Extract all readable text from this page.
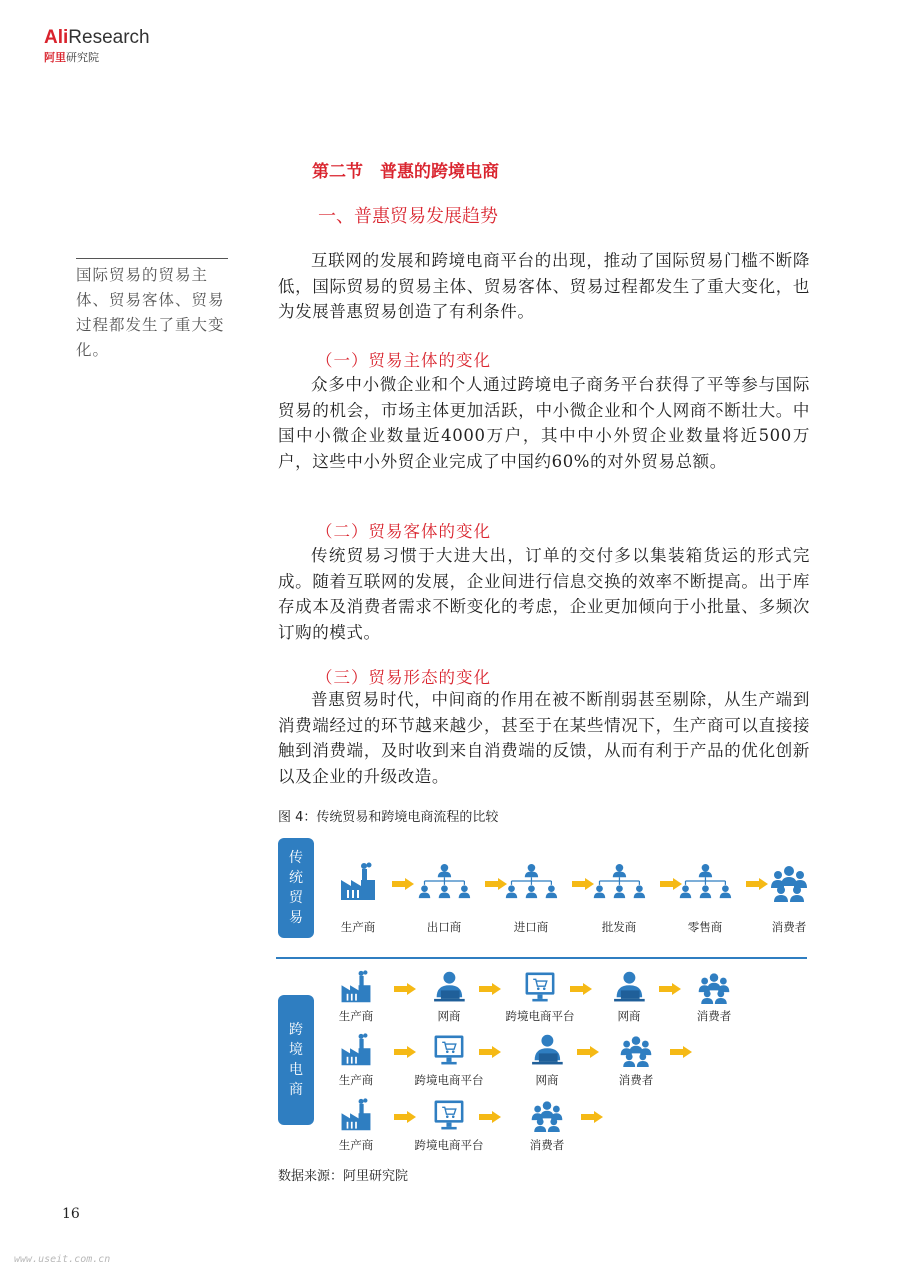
AliResearch
阿里研究院
第二节　普惠的跨境电商
一、普惠贸易发展趋势
国际贸易的贸易主体、贸易客体、贸易过程都发生了重大变化。

互联网的发展和跨境电商平台的出现，推动了国际贸易门槛不断降低，国际贸易的贸易主体、贸易客体、贸易过程都发生了重大变化，也为发展普惠贸易创造了有利条件。

（一）贸易主体的变化

众多中小微企业和个人通过跨境电子商务平台获得了平等参与国际贸易的机会，市场主体更加活跃，中小微企业和个人网商不断壮大。中国中小微企业数量近4000万户，其中中小外贸企业数量将近500万户，这些中小外贸企业完成了中国约60%的对外贸易总额。

（二）贸易客体的变化

传统贸易习惯于大进大出，订单的交付多以集装箱货运的形式完成。随着互联网的发展，企业间进行信息交换的效率不断提高。出于库存成本及消费者需求不断变化的考虑，企业更加倾向于小批量、多频次订购的模式。

（三）贸易形态的变化

普惠贸易时代，中间商的作用在被不断削弱甚至剔除，从生产端到消费端经过的环节越来越少，甚至于在某些情况下，生产商可以直接接触到消费端，及时收到来自消费端的反馈，从而有利于产品的优化创新以及企业的升级改造。

图 4：传统贸易和跨境电商流程的比较
传
统
贸
易
跨
境
电
商
生产商	出口商	进口商	批发商	零售商	消费者
生产商	网商	跨境电商平台	网商	消费者
生产商	跨境电商平台	网商	消费者
生产商	跨境电商平台	消费者
数据来源：阿里研究院
16
www.useit.com.cn
